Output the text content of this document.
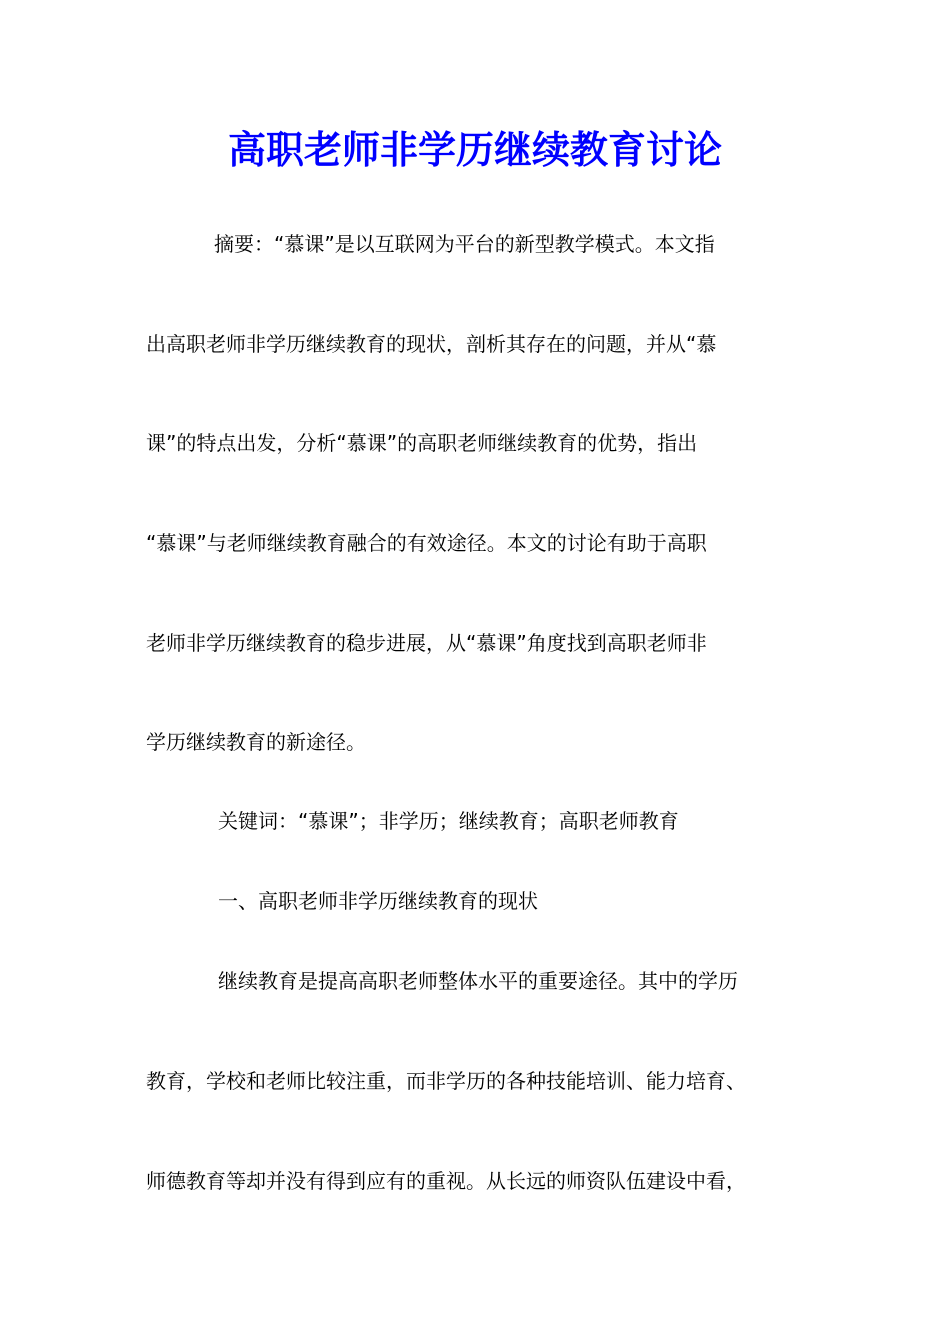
高职老师非学历继续教育讨论
摘要：“慕课”是以互联网为平台的新型教学模式。本文指
出高职老师非学历继续教育的现状，剖析其存在的问题，并从“慕
课”的特点出发，分析“慕课”的高职老师继续教育的优势，指出
“慕课”与老师继续教育融合的有效途径。本文的讨论有助于高职
老师非学历继续教育的稳步进展，从“慕课”角度找到高职老师非
学历继续教育的新途径。
关键词：“慕课”；非学历；继续教育；高职老师教育
一、高职老师非学历继续教育的现状
继续教育是提高高职老师整体水平的重要途径。其中的学历
教育，学校和老师比较注重，而非学历的各种技能培训、能力培育、
师德教育等却并没有得到应有的重视。从长远的师资队伍建设中看，
